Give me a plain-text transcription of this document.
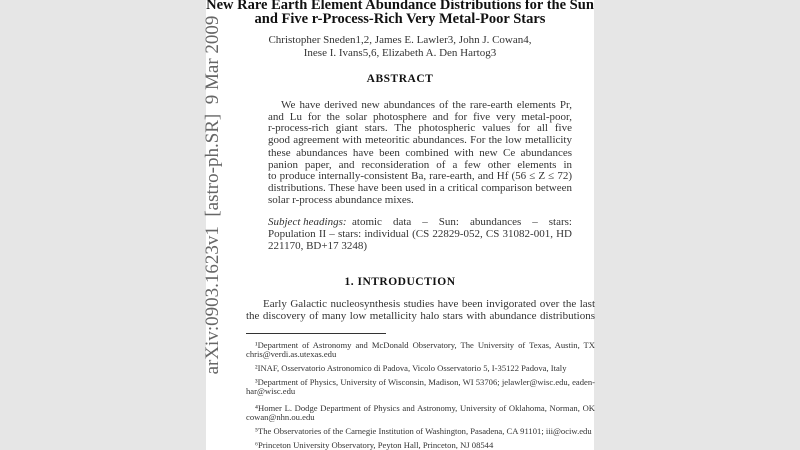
arXiv:0903.1623v1  [astro-ph.SR]  9 Mar 2009
New Rare Earth Element Abundance Distributions for the Sun
and Five r-Process-Rich Very Metal-Poor Stars
Christopher Sneden1,2, James E. Lawler3, John J. Cowan4,
Inese I. Ivans5,6, Elizabeth A. Den Hartog3
ABSTRACT
We have derived new abundances of the rare-earth elements Pr,
and Lu for the solar photosphere and for five very metal-poor,
r-process-rich giant stars. The photospheric values for all five
good agreement with meteoritic abundances. For the low metallicity
these abundances have been combined with new Ce abundances
panion paper, and reconsideration of a few other elements in
to produce internally-consistent Ba, rare-earth, and Hf (56 ≤ Z ≤ 72)
distributions. These have been used in a critical comparison between
solar r-process abundance mixes.
Subject headings: atomic data – Sun: abundances – stars:
Population II – stars: individual (CS 22829-052, CS 31082-001, HD
221170, BD+17 3248)
1. INTRODUCTION
Early Galactic nucleosynthesis studies have been invigorated over the last
the discovery of many low metallicity halo stars with abundance distributions
¹Department of Astronomy and McDonald Observatory, The University of Texas, Austin, TX
chris@verdi.as.utexas.edu
²INAF, Osservatorio Astronomico di Padova, Vicolo Osservatorio 5, I-35122 Padova, Italy
³Department of Physics, University of Wisconsin, Madison, WI 53706; jelawler@wisc.edu, eaden-
har@wisc.edu
⁴Homer L. Dodge Department of Physics and Astronomy, University of Oklahoma, Norman, OK
cowan@nhn.ou.edu
⁵The Observatories of the Carnegie Institution of Washington, Pasadena, CA 91101; iii@ociw.edu
⁶Princeton University Observatory, Peyton Hall, Princeton, NJ 08544
